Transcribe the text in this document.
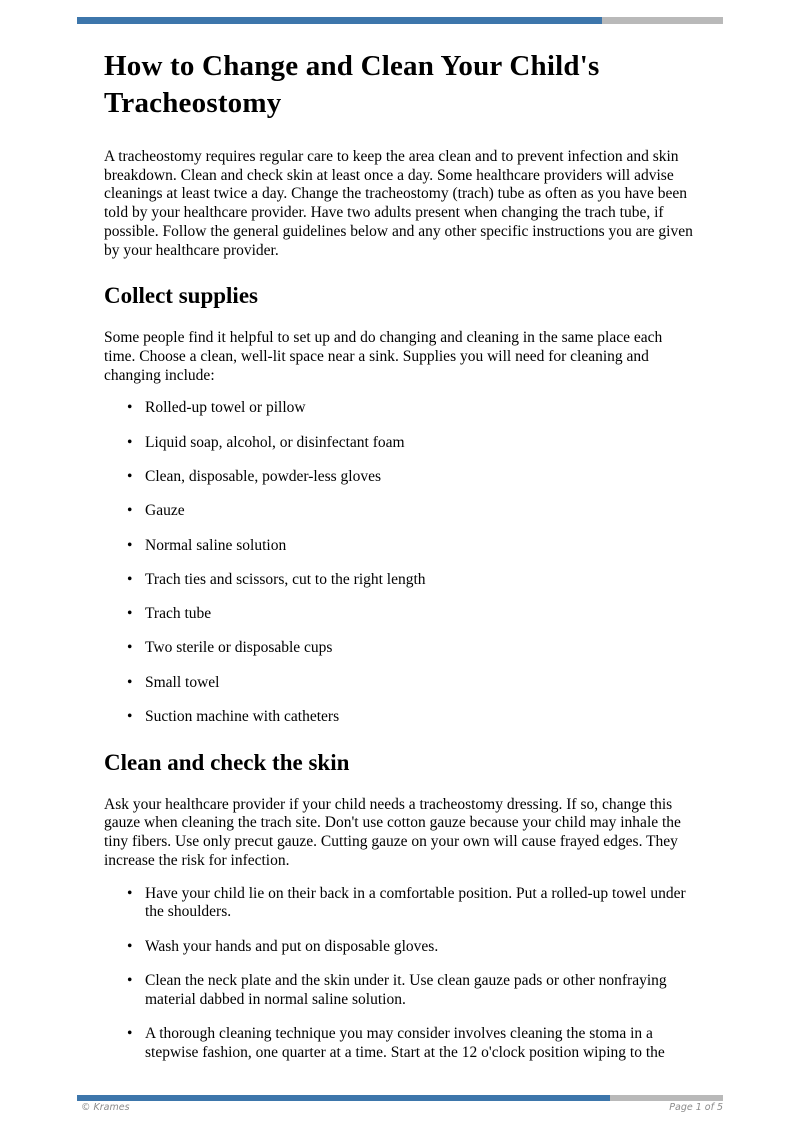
How to Change and Clean Your Child's Tracheostomy

A tracheostomy requires regular care to keep the area clean and to prevent infection and skin breakdown. Clean and check skin at least once a day. Some healthcare providers will advise cleanings at least twice a day. Change the tracheostomy (trach) tube as often as you have been told by your healthcare provider. Have two adults present when changing the trach tube, if possible. Follow the general guidelines below and any other specific instructions you are given by your healthcare provider.

Collect supplies

Some people find it helpful to set up and do changing and cleaning in the same place each time. Choose a clean, well-lit space near a sink. Supplies you will need for cleaning and changing include:

• Rolled-up towel or pillow
• Liquid soap, alcohol, or disinfectant foam
• Clean, disposable, powder-less gloves
• Gauze
• Normal saline solution
• Trach ties and scissors, cut to the right length
• Trach tube
• Two sterile or disposable cups
• Small towel
• Suction machine with catheters
Clean and check the skin

Ask your healthcare provider if your child needs a tracheostomy dressing. If so, change this gauze when cleaning the trach site. Don't use cotton gauze because your child may inhale the tiny fibers. Use only precut gauze. Cutting gauze on your own will cause frayed edges. They increase the risk for infection.

• Have your child lie on their back in a comfortable position. Put a rolled-up towel under the shoulders.
• Wash your hands and put on disposable gloves.
• Clean the neck plate and the skin under it. Use clean gauze pads or other nonfraying material dabbed in normal saline solution.
• A thorough cleaning technique you may consider involves cleaning the stoma in a stepwise fashion, one quarter at a time. Start at the 12 o'clock position wiping to the
© Krames	Page 1 of 5
